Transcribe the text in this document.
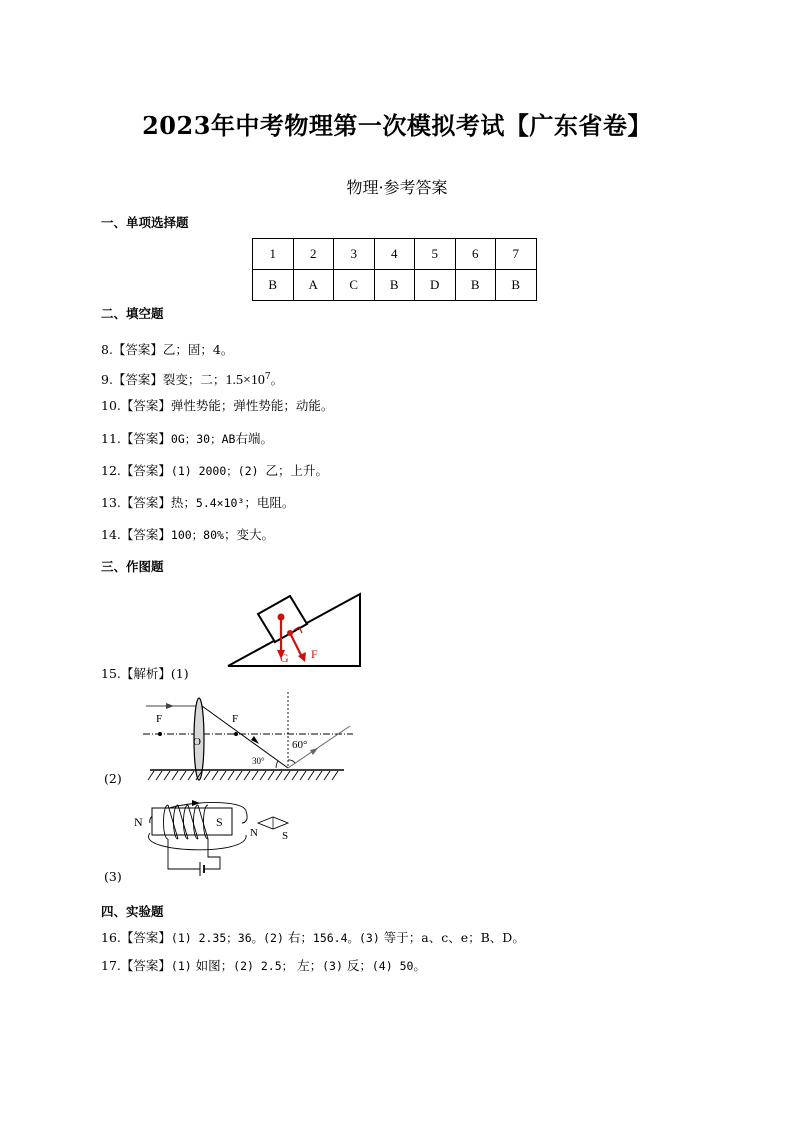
2023年中考物理第一次模拟考试【广东省卷】
物理·参考答案
一、单项选择题
1	2	3	4	5	6	7
B	A	C	B	D	B	B
二、填空题
8.【答案】乙；固；4。
9.【答案】裂变；二；$1.5\times 10^7$。
10.【答案】弹性势能；弹性势能；动能。
11.【答案】0G；30；AB右端。
12.【答案】(1) 2000；(2) 乙；上升。
13.【答案】热；5.4×10³；电阻。
14.【答案】100；80%；变大。
三、作图题
G F
15.【解析】(1)
F	F
O	60°
30°
(2)
N	S
N S
(3)
四、实验题
16.【答案】(1) 2.35；36。(2) 右；156.4。(3) 等于；a、c、e；B、D。
17.【答案】(1) 如图；(2) 2.5； 左；(3) 反；(4) 50。
